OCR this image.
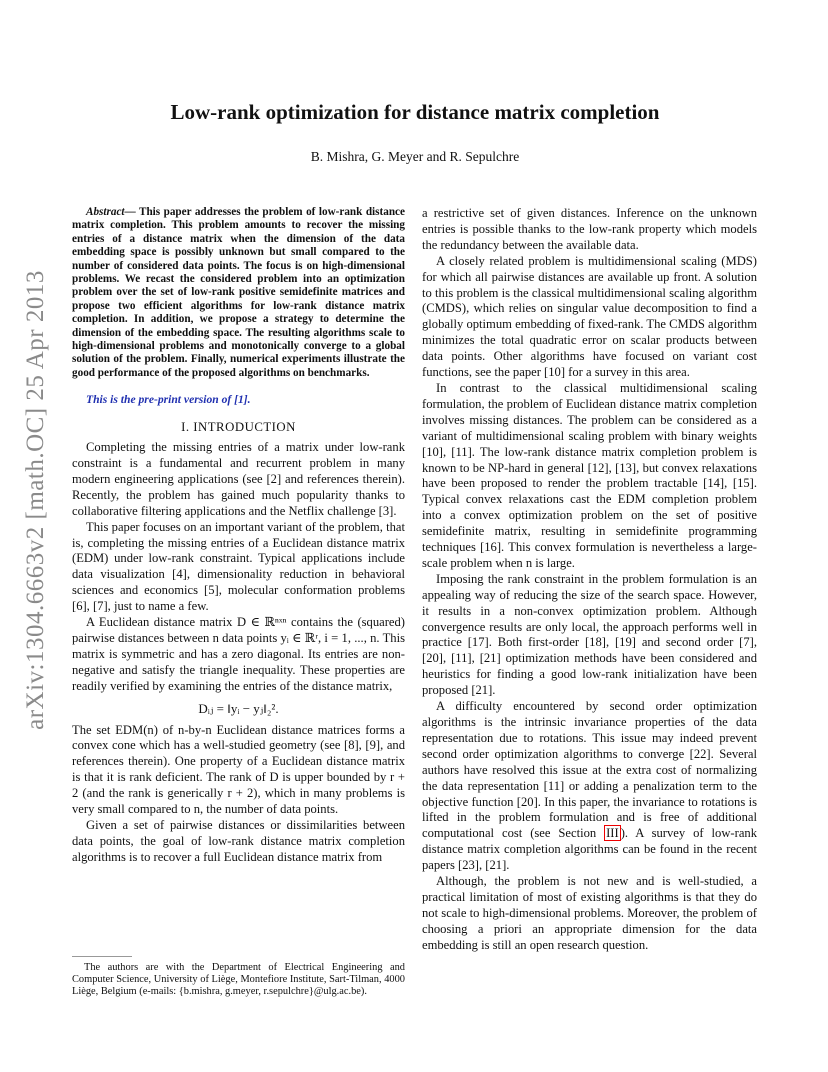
arXiv:1304.6663v2 [math.OC] 25 Apr 2013
Low-rank optimization for distance matrix completion
B. Mishra, G. Meyer and R. Sepulchre

Abstract— This paper addresses the problem of low-rank distance matrix completion. This problem amounts to recover the missing entries of a distance matrix when the dimension of the data embedding space is possibly unknown but small compared to the number of considered data points. The focus is on high-dimensional problems. We recast the considered problem into an optimization problem over the set of low-rank positive semidefinite matrices and propose two efficient algorithms for low-rank distance matrix completion. In addition, we propose a strategy to determine the dimension of the embedding space. The resulting algorithms scale to high-dimensional problems and monotonically converge to a global solution of the problem. Finally, numerical experiments illustrate the good performance of the proposed algorithms on benchmarks.

This is the pre-print version of [1].
I. INTRODUCTION

Completing the missing entries of a matrix under low-rank constraint is a fundamental and recurrent problem in many modern engineering applications (see [2] and references therein). Recently, the problem has gained much popularity thanks to collaborative filtering applications and the Netflix challenge [3].

This paper focuses on an important variant of the problem, that is, completing the missing entries of a Euclidean distance matrix (EDM) under low-rank constraint. Typical applications include data visualization [4], dimensionality reduction in behavioral sciences and economics [5], molecular conformation problems [6], [7], just to name a few.

A Euclidean distance matrix D ∈ ℝⁿˣⁿ contains the (squared) pairwise distances between n data points yᵢ ∈ ℝʳ, i = 1, ..., n. This matrix is symmetric and has a zero diagonal. Its entries are non-negative and satisfy the triangle inequality. These properties are readily verified by examining the entries of the distance matrix,

Dᵢⱼ = ‖yᵢ − yⱼ‖₂².

The set EDM(n) of n-by-n Euclidean distance matrices forms a convex cone which has a well-studied geometry (see [8], [9], and references therein). One property of a Euclidean distance matrix is that it is rank deficient. The rank of D is upper bounded by r + 2 (and the rank is generically r + 2), which in many problems is very small compared to n, the number of data points.

Given a set of pairwise distances or dissimilarities between data points, the goal of low-rank distance matrix completion algorithms is to recover a full Euclidean distance matrix from

The authors are with the Department of Electrical Engineering and Computer Science, University of Liège, Montefiore Institute, Sart-Tilman, 4000 Liège, Belgium (e-mails: {b.mishra, g.meyer, r.sepulchre}@ulg.ac.be).

a restrictive set of given distances. Inference on the unknown entries is possible thanks to the low-rank property which models the redundancy between the available data.

A closely related problem is multidimensional scaling (MDS) for which all pairwise distances are available up front. A solution to this problem is the classical multidimensional scaling algorithm (CMDS), which relies on singular value decomposition to find a globally optimum embedding of fixed-rank. The CMDS algorithm minimizes the total quadratic error on scalar products between data points. Other algorithms have focused on variant cost functions, see the paper [10] for a survey in this area.

In contrast to the classical multidimensional scaling formulation, the problem of Euclidean distance matrix completion involves missing distances. The problem can be considered as a variant of multidimensional scaling problem with binary weights [10], [11]. The low-rank distance matrix completion problem is known to be NP-hard in general [12], [13], but convex relaxations have been proposed to render the problem tractable [14], [15]. Typical convex relaxations cast the EDM completion problem into a convex optimization problem on the set of positive semidefinite matrix, resulting in semidefinite programming techniques [16]. This convex formulation is nevertheless a large-scale problem when n is large.

Imposing the rank constraint in the problem formulation is an appealing way of reducing the size of the search space. However, it results in a non-convex optimization problem. Although convergence results are only local, the approach performs well in practice [17]. Both first-order [18], [19] and second order [7], [20], [11], [21] optimization methods have been considered and heuristics for finding a good low-rank initialization have been proposed [21].

A difficulty encountered by second order optimization algorithms is the intrinsic invariance properties of the data representation due to rotations. This issue may indeed prevent second order optimization algorithms to converge [22]. Several authors have resolved this issue at the extra cost of normalizing the data representation [11] or adding a penalization term to the objective function [20]. In this paper, the invariance to rotations is lifted in the problem formulation and is free of additional computational cost (see Section III ). A survey of low-rank distance matrix completion algorithms can be found in the recent papers [23], [21].

Although, the problem is not new and is well-studied, a practical limitation of most of existing algorithms is that they do not scale to high-dimensional problems. Moreover, the problem of choosing a priori an appropriate dimension for the data embedding is still an open research question.
